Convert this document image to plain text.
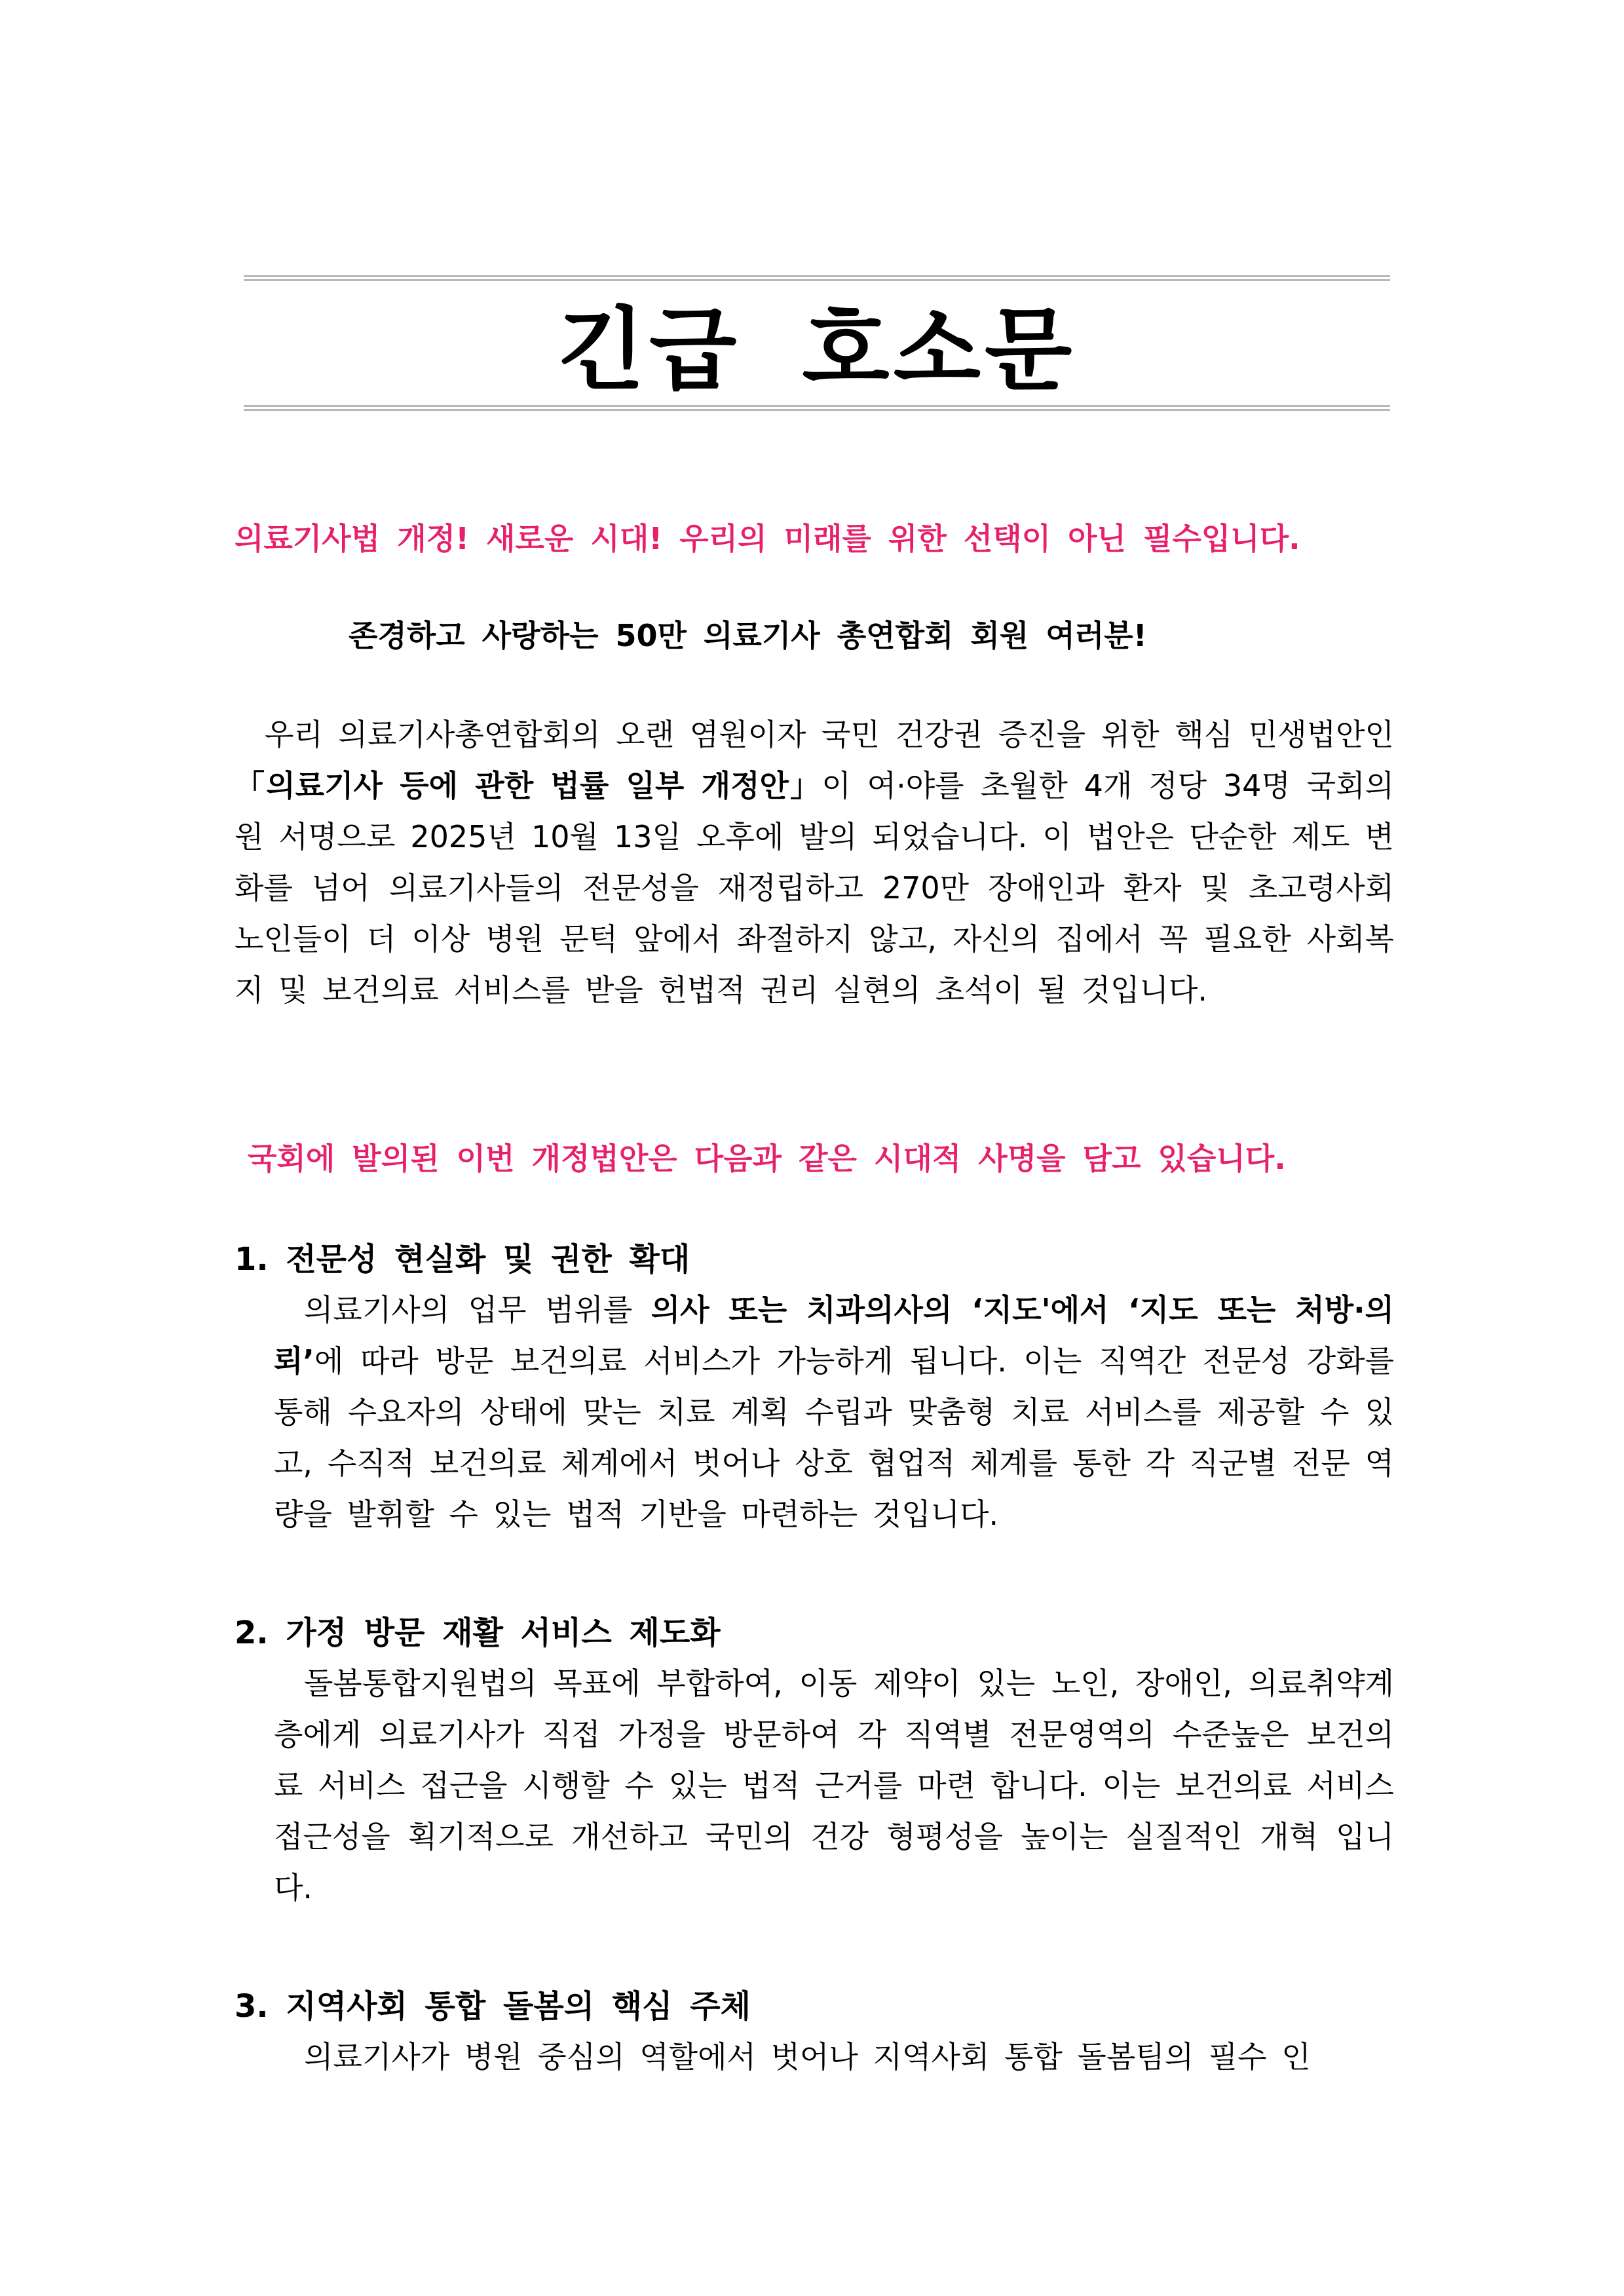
긴급 호소문
의료기사법 개정! 새로운 시대! 우리의 미래를 위한 선택이 아닌 필수입니다.
존경하고 사랑하는 50만 의료기사 총연합회 회원 여러분!
우리 의료기사총연합회의 오랜 염원이자 국민 건강권 증진을 위한 핵심 민생법안인 「의료기사 등에 관한 법률 일부 개정안」이 여·야를 초월한 4개 정당 34명 국회의원 서명으로 2025년 10월 13일 오후에 발의 되었습니다. 이 법안은 단순한 제도 변화를 넘어 의료기사들의 전문성을 재정립하고 270만 장애인과 환자 및 초고령사회 노인들이 더 이상 병원 문턱 앞에서 좌절하지 않고, 자신의 집에서 꼭 필요한 사회복지 및 보건의료 서비스를 받을 헌법적 권리 실현의 초석이 될 것입니다.
국회에 발의된 이번 개정법안은 다음과 같은 시대적 사명을 담고 있습니다.
1. 전문성 현실화 및 권한 확대
의료기사의 업무 범위를 의사 또는 치과의사의 ‘지도'에서 ‘지도 또는 처방·의뢰’에 따라 방문 보건의료 서비스가 가능하게 됩니다. 이는 직역간 전문성 강화를 통해 수요자의 상태에 맞는 치료 계획 수립과 맞춤형 치료 서비스를 제공할 수 있고, 수직적 보건의료 체계에서 벗어나 상호 협업적 체계를 통한 각 직군별 전문 역량을 발휘할 수 있는 법적 기반을 마련하는 것입니다.
2. 가정 방문 재활 서비스 제도화
돌봄통합지원법의 목표에 부합하여, 이동 제약이 있는 노인, 장애인, 의료취약계층에게 의료기사가 직접 가정을 방문하여 각 직역별 전문영역의 수준높은 보건의료 서비스 접근을 시행할 수 있는 법적 근거를 마련 합니다. 이는 보건의료 서비스 접근성을 획기적으로 개선하고 국민의 건강 형평성을 높이는 실질적인 개혁 입니다.
3. 지역사회 통합 돌봄의 핵심 주체
의료기사가 병원 중심의 역할에서 벗어나 지역사회 통합 돌봄팀의 필수 인
